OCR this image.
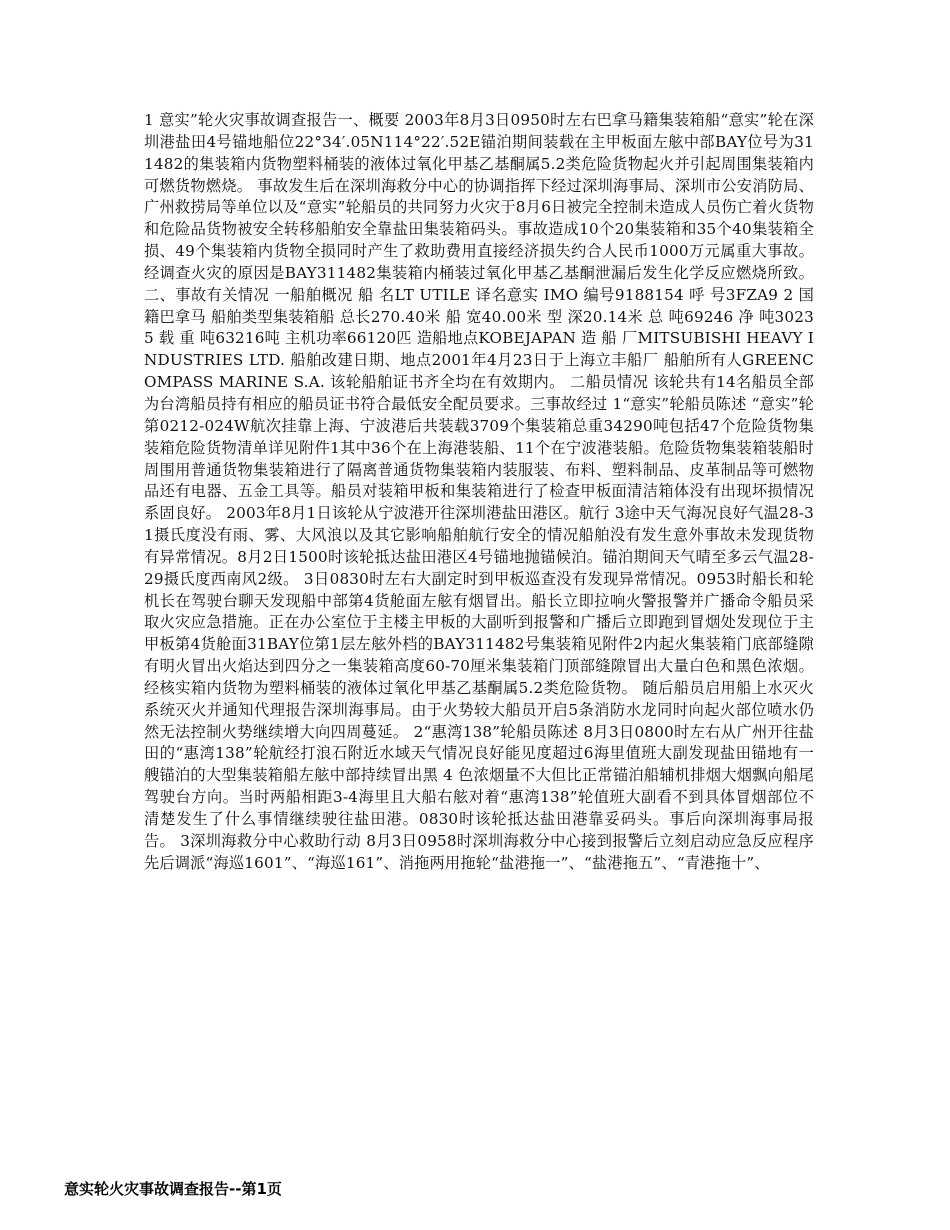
1 意实”轮火灾事故调查报告一、概要 2003年8月3日0950时左右巴拿马籍集装箱船“意实”轮在深圳港盐田4号锚地船位22°34′.05N114°22′.52E锚泊期间装载在主甲板面左舷中部BAY位号为311482的集装箱内货物塑料桶装的液体过氧化甲基乙基酮属5.2类危险货物起火并引起周围集装箱内可燃货物燃烧。 事故发生后在深圳海救分中心的协调指挥下经过深圳海事局、深圳市公安消防局、广州救捞局等单位以及“意实”轮船员的共同努力火灾于8月6日被完全控制未造成人员伤亡着火货物和危险品货物被安全转移船舶安全靠盐田集装箱码头。事故造成10个20集装箱和35个40集装箱全损、49个集装箱内货物全损同时产生了救助费用直接经济损失约合人民币1000万元属重大事故。 经调查火灾的原因是BAY311482集装箱内桶装过氧化甲基乙基酮泄漏后发生化学反应燃烧所致。 二、事故有关情况 一船舶概况 船 名LT UTILE 译名意实 IMO 编号9188154 呼 号3FZA9 2 国 籍巴拿马 船舶类型集装箱船 总长270.40米 船 宽40.00米 型 深20.14米 总 吨69246 净 吨30235 载 重 吨63216吨 主机功率66120匹 造船地点KOBEJAPAN 造 船 厂MITSUBISHI HEAVY INDUSTRIES LTD. 船舶改建日期、地点2001年4月23日于上海立丰船厂 船舶所有人GREENCOMPASS MARINE S.A. 该轮船舶证书齐全均在有效期内。 二船员情况 该轮共有14名船员全部为台湾船员持有相应的船员证书符合最低安全配员要求。三事故经过 1“意实”轮船员陈述 “意实”轮第0212-024W航次挂靠上海、宁波港后共装载3709个集装箱总重34290吨包括47个危险货物集装箱危险货物清单详见附件1其中36个在上海港装船、11个在宁波港装船。危险货物集装箱装船时周围用普通货物集装箱进行了隔离普通货物集装箱内装服装、布料、塑料制品、皮革制品等可燃物品还有电器、五金工具等。船员对装箱甲板和集装箱进行了检查甲板面清洁箱体没有出现坏损情况系固良好。 2003年8月1日该轮从宁波港开往深圳港盐田港区。航行 3途中天气海况良好气温28-31摄氏度没有雨、雾、大风浪以及其它影响船舶航行安全的情况船舶没有发生意外事故未发现货物有异常情况。8月2日1500时该轮抵达盐田港区4号锚地抛锚候泊。锚泊期间天气晴至多云气温28-29摄氏度西南风2级。 3日0830时左右大副定时到甲板巡查没有发现异常情况。0953时船长和轮机长在驾驶台聊天发现船中部第4货舱面左舷有烟冒出。船长立即拉响火警报警并广播命令船员采取火灾应急措施。正在办公室位于主楼主甲板的大副听到报警和广播后立即跑到冒烟处发现位于主甲板第4货舱面31BAY位第1层左舷外档的BAY311482号集装箱见附件2内起火集装箱门底部缝隙有明火冒出火焰达到四分之一集装箱高度60-70厘米集装箱门顶部缝隙冒出大量白色和黑色浓烟。经核实箱内货物为塑料桶装的液体过氧化甲基乙基酮属5.2类危险货物。 随后船员启用船上水灭火系统灭火并通知代理报告深圳海事局。由于火势较大船员开启5条消防水龙同时向起火部位喷水仍然无法控制火势继续增大向四周蔓延。 2“惠湾138”轮船员陈述 8月3日0800时左右从广州开往盐田的“惠湾138”轮航经打浪石附近水域天气情况良好能见度超过6海里值班大副发现盐田锚地有一艘锚泊的大型集装箱船左舷中部持续冒出黑 4 色浓烟量不大但比正常锚泊船辅机排烟大烟飘向船尾驾驶台方向。当时两船相距3-4海里且大船右舷对着“惠湾138”轮值班大副看不到具体冒烟部位不清楚发生了什么事情继续驶往盐田港。0830时该轮抵达盐田港靠妥码头。事后向深圳海事局报告。 3深圳海救分中心救助行动 8月3日0958时深圳海救分中心接到报警后立刻启动应急反应程序先后调派“海巡1601”、“海巡161”、消拖两用拖轮“盐港拖一”、“盐港拖五”、“青港拖十”、

意实轮火灾事故调查报告--第1页
